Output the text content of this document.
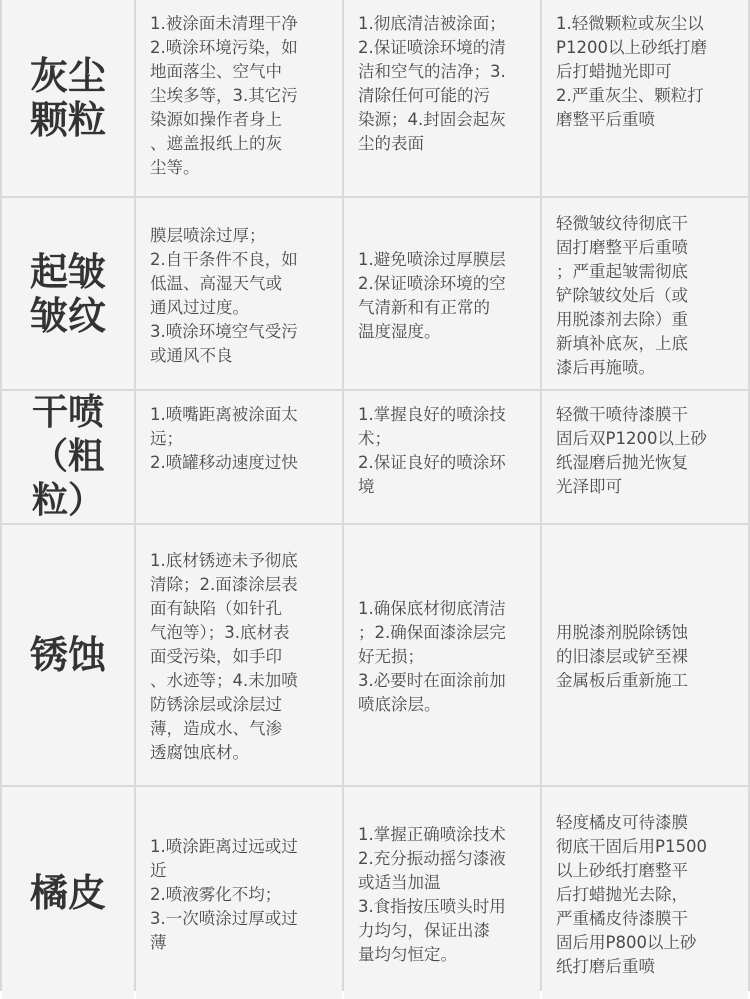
灰尘
颗粒
1.被涂面未清理干净
2.喷涂环境污染，如
地面落尘、空气中
尘埃多等，3.其它污
染源如操作者身上
、遮盖报纸上的灰
尘等。
1.彻底清洁被涂面；
2.保证喷涂环境的清
洁和空气的洁净；3.
清除任何可能的污
染源；4.封固会起灰
尘的表面
1.轻微颗粒或灰尘以
P1200以上砂纸打磨
后打蜡抛光即可
2.严重灰尘、颗粒打
磨整平后重喷
起皱
皱纹
膜层喷涂过厚；
2.自干条件不良，如
低温、高湿天气或
通风过过度。
3.喷涂环境空气受污
或通风不良
1.避免喷涂过厚膜层
2.保证喷涂环境的空
气清新和有正常的
温度湿度。
轻微皱纹待彻底干
固打磨整平后重喷
；严重起皱需彻底
铲除皱纹处后（或
用脱漆剂去除）重
新填补底灰，上底
漆后再施喷。
干喷
（粗粒）
1.喷嘴距离被涂面太
远；
2.喷罐移动速度过快
1.掌握良好的喷涂技
术；
2.保证良好的喷涂环
境
轻微干喷待漆膜干
固后双P1200以上砂
纸湿磨后抛光恢复
光泽即可
锈蚀
1.底材锈迹未予彻底
清除；2.面漆涂层表
面有缺陷（如针孔
气泡等）；3.底材表
面受污染，如手印
、水迹等；4.未加喷
防锈涂层或涂层过
薄，造成水、气渗
透腐蚀底材。
1.确保底材彻底清洁
；2.确保面漆涂层完
好无损；
3.必要时在面涂前加
喷底涂层。
用脱漆剂脱除锈蚀
的旧漆层或铲至裸
金属板后重新施工
橘皮
1.喷涂距离过远或过
近
2.喷液雾化不均；
3.一次喷涂过厚或过
薄
1.掌握正确喷涂技术
2.充分振动摇匀漆液
或适当加温
3.食指按压喷头时用
力均匀，保证出漆
量均匀恒定。
轻度橘皮可待漆膜
彻底干固后用P1500
以上砂纸打磨整平
后打蜡抛光去除，
严重橘皮待漆膜干
固后用P800以上砂
纸打磨后重喷
